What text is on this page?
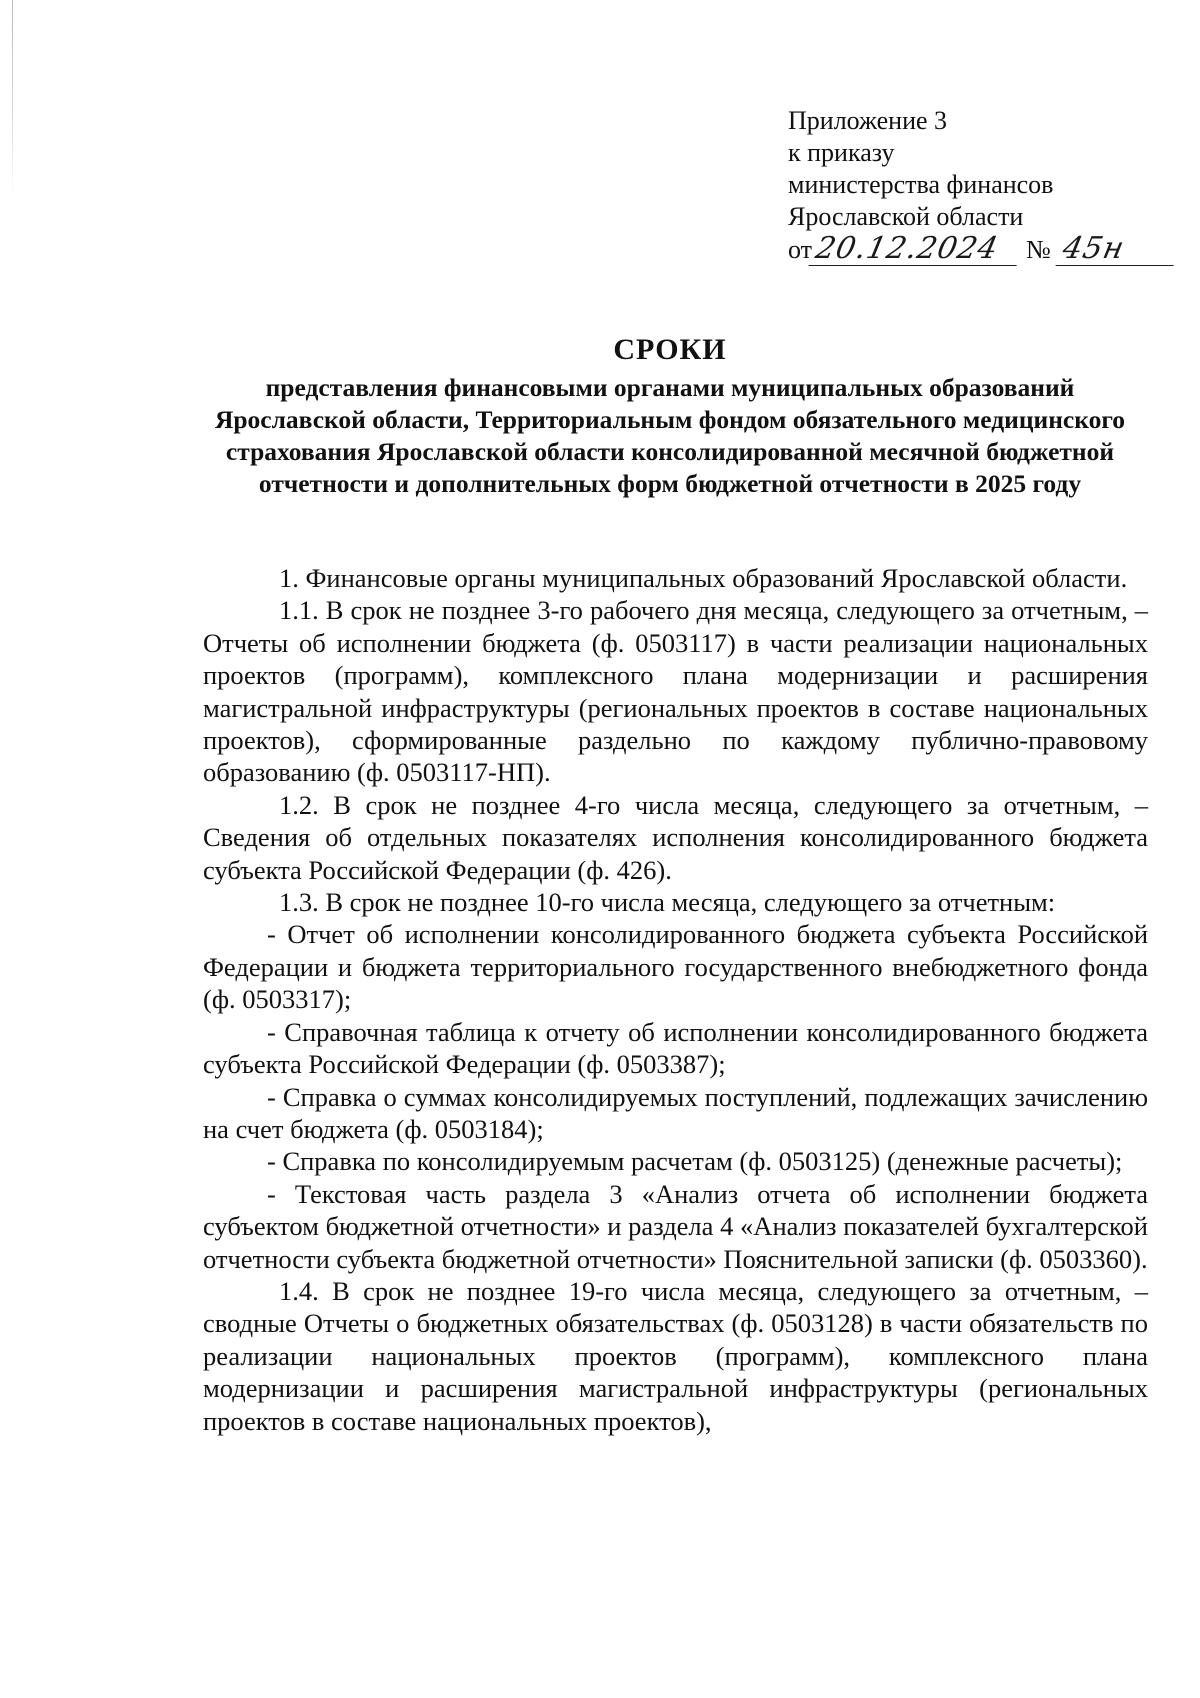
Приложение 3
к приказу
министерства финансов
Ярославской области
от 20.12.2024 № 45н
СРОКИ
представления финансовыми органами муниципальных образований Ярославской области, Территориальным фондом обязательного медицинского страхования Ярославской области консолидированной месячной бюджетной отчетности и дополнительных форм бюджетной отчетности в 2025 году

1. Финансовые органы муниципальных образований Ярославской области.

1.1. В срок не позднее 3-го рабочего дня месяца, следующего за отчетным, – Отчеты об исполнении бюджета (ф. 0503117) в части реализации национальных проектов (программ), комплексного плана модернизации и расширения магистральной инфраструктуры (региональных проектов в составе национальных проектов), сформированные раздельно по каждому публично-правовому образованию (ф. 0503117-НП).

1.2. В срок не позднее 4-го числа месяца, следующего за отчетным, – Сведения об отдельных показателях исполнения консолидированного бюджета субъекта Российской Федерации (ф. 426).

1.3. В срок не позднее 10-го числа месяца, следующего за отчетным:

- Отчет об исполнении консолидированного бюджета субъекта Российской Федерации и бюджета территориального государственного внебюджетного фонда (ф. 0503317);

- Справочная таблица к отчету об исполнении консолидированного бюджета субъекта Российской Федерации (ф. 0503387);

- Справка о суммах консолидируемых поступлений, подлежащих зачислению на счет бюджета (ф. 0503184);

- Справка по консолидируемым расчетам (ф. 0503125) (денежные расчеты);

- Текстовая часть раздела 3 «Анализ отчета об исполнении бюджета субъектом бюджетной отчетности» и раздела 4 «Анализ показателей бухгалтерской отчетности субъекта бюджетной отчетности» Пояснительной записки (ф. 0503360).

1.4. В срок не позднее 19-го числа месяца, следующего за отчетным, – сводные Отчеты о бюджетных обязательствах (ф. 0503128) в части обязательств по реализации национальных проектов (программ), комплексного плана модернизации и расширения магистральной инфраструктуры (региональных проектов в составе национальных проектов),
